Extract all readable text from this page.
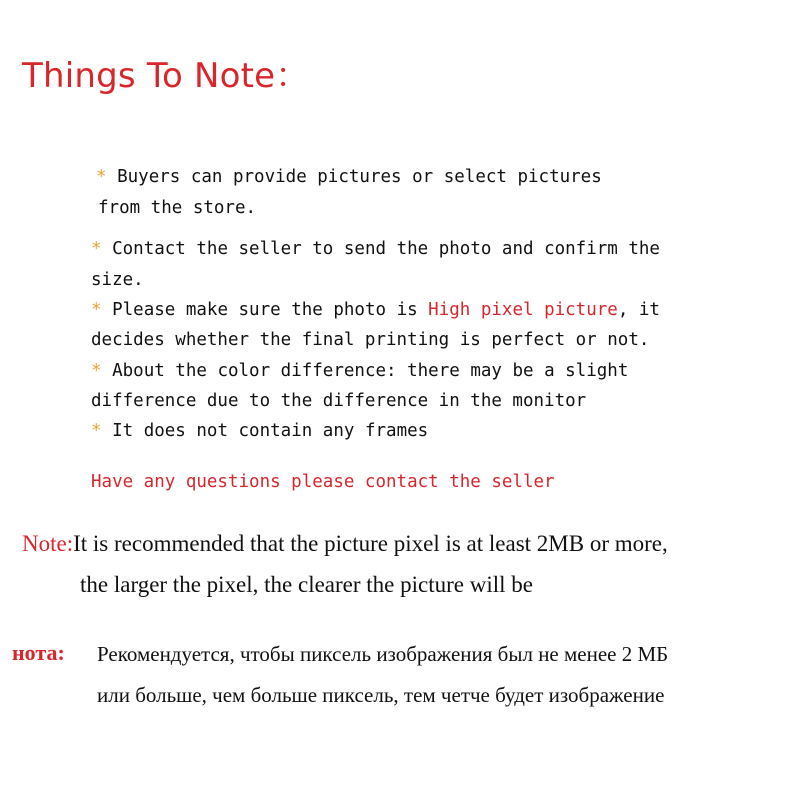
Things To Note：
* Buyers can provide pictures or select pictures
from the store.
* Contact the seller to send the photo and confirm the
size.
* Please make sure the photo is High pixel picture, it
decides whether the final printing is perfect or not.
* About the color difference: there may be a slight
difference due to the difference in the monitor
* It does not contain any frames
Have any questions please contact the seller
Note:It is recommended that the picture pixel is at least 2MB or more,
the larger the pixel, the clearer the picture will be
нота: Рекомендуется, чтобы пиксель изображения был не менее 2 МБ
или больше, чем больше пиксель, тем четче будет изображение
